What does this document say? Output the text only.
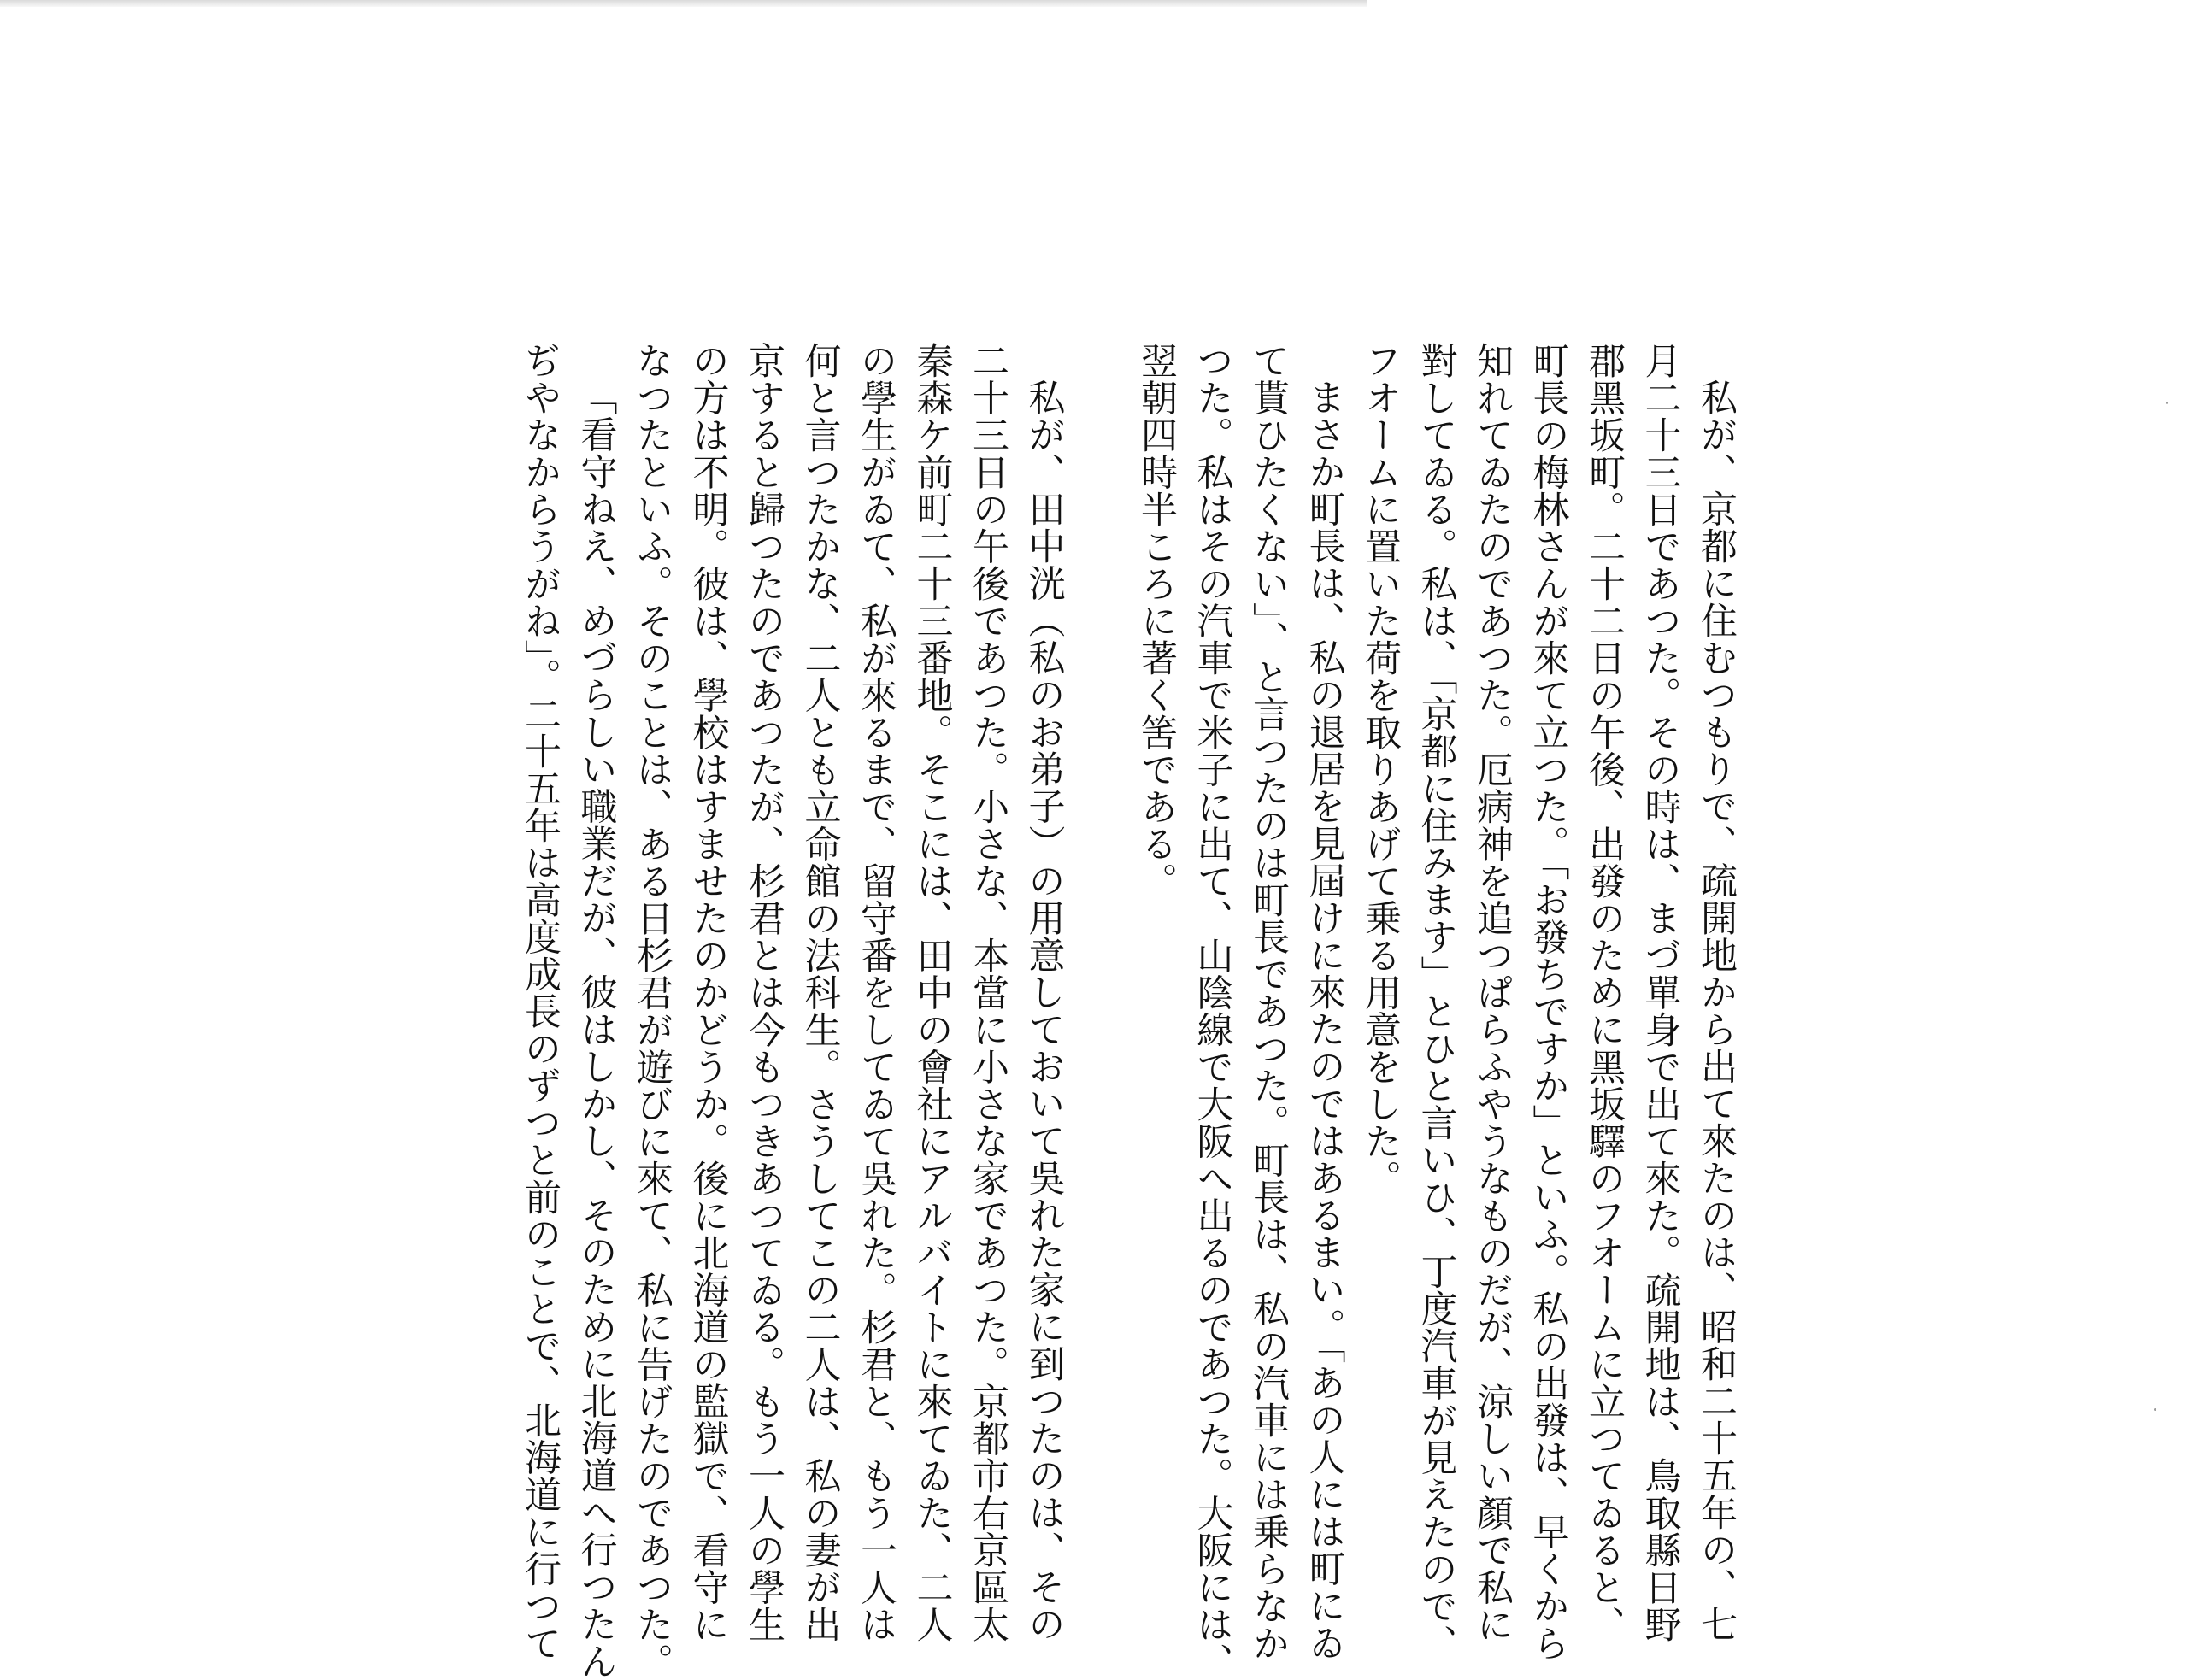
私が、京都に住むつもりで、疏開地から出て來たのは、昭和二十五年の、七
月二十三日であつた。その時は、まづ單身で出て來た。疏開地は、鳥取縣日野
郡黑坂町。二十二日の午後、出發のために黑坂驛のフオームに立つてゐると、
町長の梅林さんが來て立つた。「お發ちですか」といふ。私の出發は、早くから
知れてゐたのであつた。厄病神を追つぱらふやうなものだが、涼しい顏で私に
對してゐる。私は、「京都に住みます」とひと言いひ、丁度汽車が見えたので、
フオームに置いた荷を取りあげて乗る用意をした。
まさか町長は、私の退居を見屆けに來たのではあるまい。「あの人には町にゐ
て貰ひたくない」、と言つたのは町長であつた。町長は、私の汽車には乗らなか
つた。私はその汽車で米子に出て、山陰線で大阪へ出るのであつた。大阪には、
翌朝四時半ころに著く筈である。
私が、田中洸（私のお弟子）の用意しておいて吳れた家に到つたのは、その
二十三日の午後であつた。小さな、本當に小さな家であつた。京都市右京區太
秦森ケ前町二十三番地。そこには、田中の會社にアルバイトに來てゐた、二人
の學生がゐて、私が來るまで、留守番をしてゐて吳れた。杉君と、もう一人は
何と言つたかな、二人とも立命館の法科生。さうしてこの二人は、私の妻が出
京すると歸つたのであつたが、杉君とは今もつきあつてゐる。もう一人の學生
の方は不明。彼は、學校はすませたのかどうか。後に北海道の監獄で、看守に
なつたといふ。そのことは、ある日杉君が遊びに來て、私に告げたのであつた。
「看守ねえ、めづらしい職業だが、彼はしかし、そのために北海道へ行つたん
ぢやなからうがね」。二十五年は高度成長のずつと前のことで、北海道に行つて
